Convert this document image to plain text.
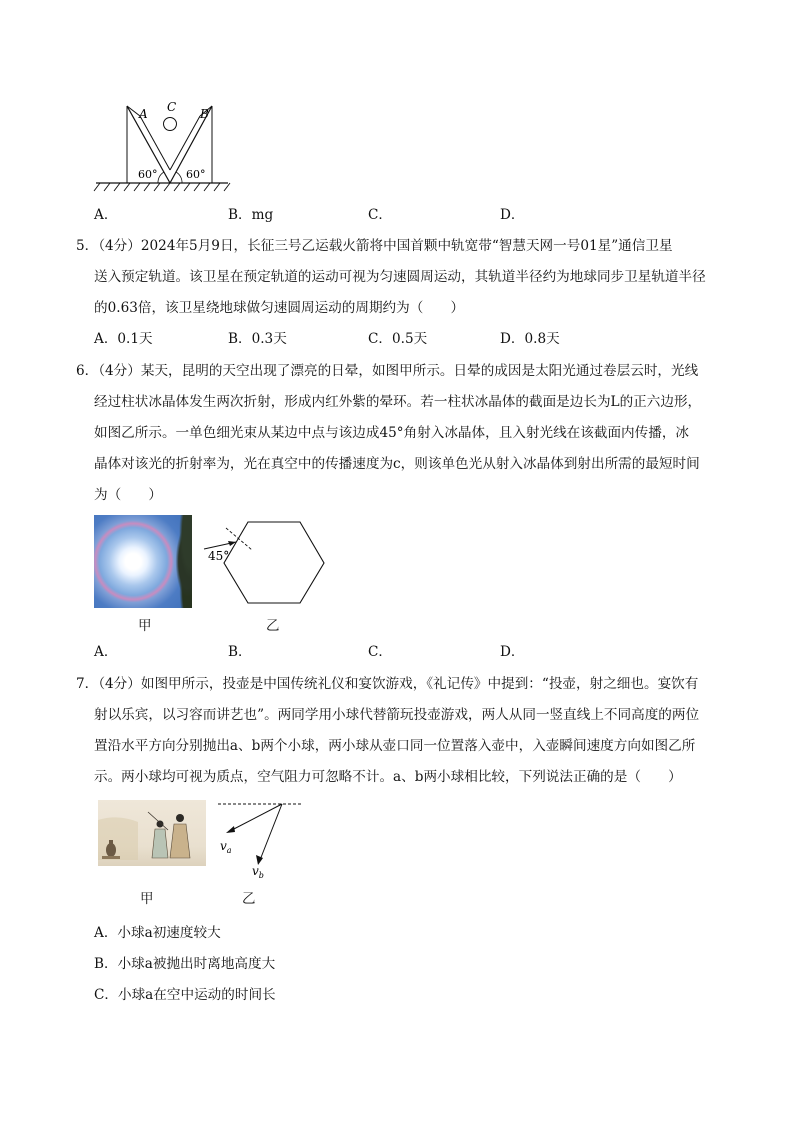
A C B
60°	60°
A．	B．mg	C．	D．
5．（4分）2024年5月9日，长征三号乙运载火箭将中国首颗中轨宽带“智慧天网一号01星”通信卫星
送入预定轨道。该卫星在预定轨道的运动可视为匀速圆周运动，其轨道半径约为地球同步卫星轨道半径
的0.63倍，该卫星绕地球做匀速圆周运动的周期约为（　　）
A．0.1天	B．0.3天	C．0.5天	D．0.8天
6．（4分）某天，昆明的天空出现了漂亮的日晕，如图甲所示。日晕的成因是太阳光通过卷层云时，光线
经过柱状冰晶体发生两次折射，形成内红外紫的晕环。若一柱状冰晶体的截面是边长为L的正六边形，
如图乙所示。一单色细光束从某边中点与该边成45°角射入冰晶体，且入射光线在该截面内传播，冰
晶体对该光的折射率为，光在真空中的传播速度为c，则该单色光从射入冰晶体到射出所需的最短时间
为（　　）
甲
45°
乙
A．	B．	C．	D．
7．（4分）如图甲所示，投壶是中国传统礼仪和宴饮游戏，《礼记传》中提到：“投壶，射之细也。宴饮有
射以乐宾，以习容而讲艺也”。两同学用小球代替箭玩投壶游戏，两人从同一竖直线上不同高度的两位
置沿水平方向分别抛出a、b两个小球，两小球从壶口同一位置落入壶中，入壶瞬间速度方向如图乙所
示。两小球均可视为质点，空气阻力可忽略不计。a、b两小球相比较，下列说法正确的是（　　）
甲
$v_a$
$v_b$
乙
A．小球a初速度较大
B．小球a被抛出时离地高度大
C．小球a在空中运动的时间长
